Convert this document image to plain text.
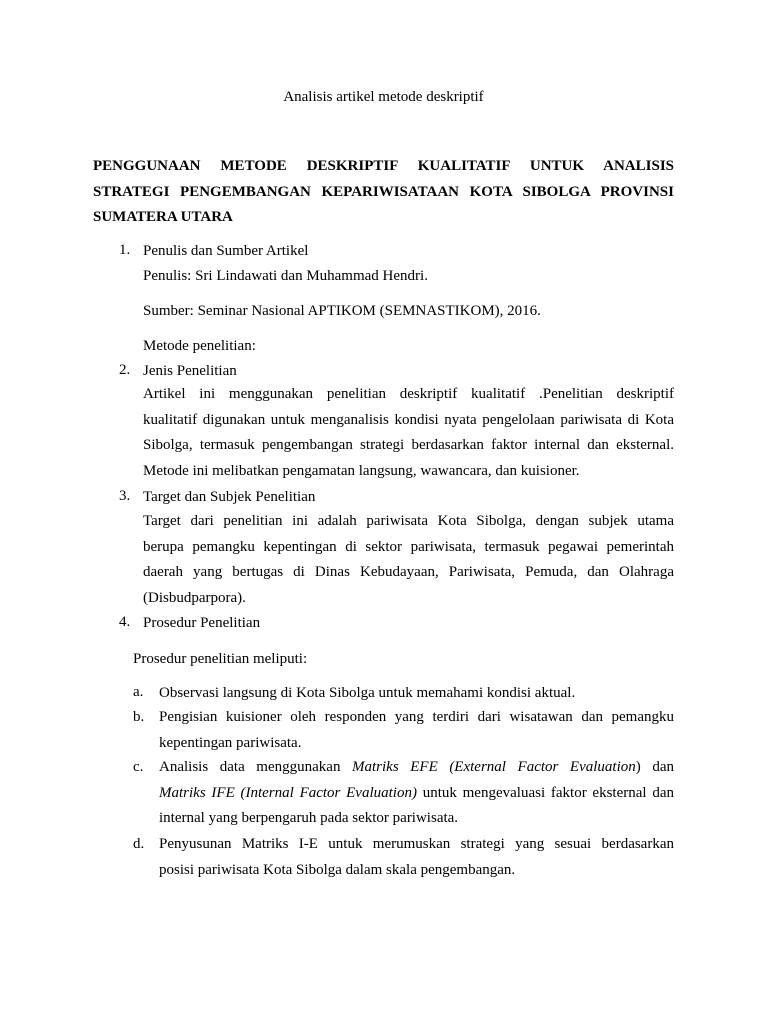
Analisis artikel metode deskriptif
PENGGUNAAN METODE DESKRIPTIF KUALITATIF UNTUK ANALISIS
STRATEGI PENGEMBANGAN KEPARIWISATAAN KOTA SIBOLGA PROVINSI
SUMATERA UTARA
1. Penulis dan Sumber Artikel
Penulis: Sri Lindawati dan Muhammad Hendri.
Sumber: Seminar Nasional APTIKOM (SEMNASTIKOM), 2016.
Metode penelitian:
2. Jenis Penelitian
Artikel ini menggunakan penelitian deskriptif kualitatif .Penelitian deskriptif
kualitatif digunakan untuk menganalisis kondisi nyata pengelolaan pariwisata di Kota
Sibolga, termasuk pengembangan strategi berdasarkan faktor internal dan eksternal.
Metode ini melibatkan pengamatan langsung, wawancara, dan kuisioner.
3. Target dan Subjek Penelitian
Target dari penelitian ini adalah pariwisata Kota Sibolga, dengan subjek utama
berupa pemangku kepentingan di sektor pariwisata, termasuk pegawai pemerintah
daerah yang bertugas di Dinas Kebudayaan, Pariwisata, Pemuda, dan Olahraga
(Disbudparpora).
4. Prosedur Penelitian
Prosedur penelitian meliputi:
a.	Observasi langsung di Kota Sibolga untuk memahami kondisi aktual.
b. Pengisian kuisioner oleh responden yang terdiri dari wisatawan dan pemangku
kepentingan pariwisata.
c.	Analisis data menggunakan Matriks EFE (External Factor Evaluation) dan
Matriks IFE (Internal Factor Evaluation) untuk mengevaluasi faktor eksternal dan
internal yang berpengaruh pada sektor pariwisata.
d. Penyusunan Matriks I-E untuk merumuskan strategi yang sesuai berdasarkan
posisi pariwisata Kota Sibolga dalam skala pengembangan.
